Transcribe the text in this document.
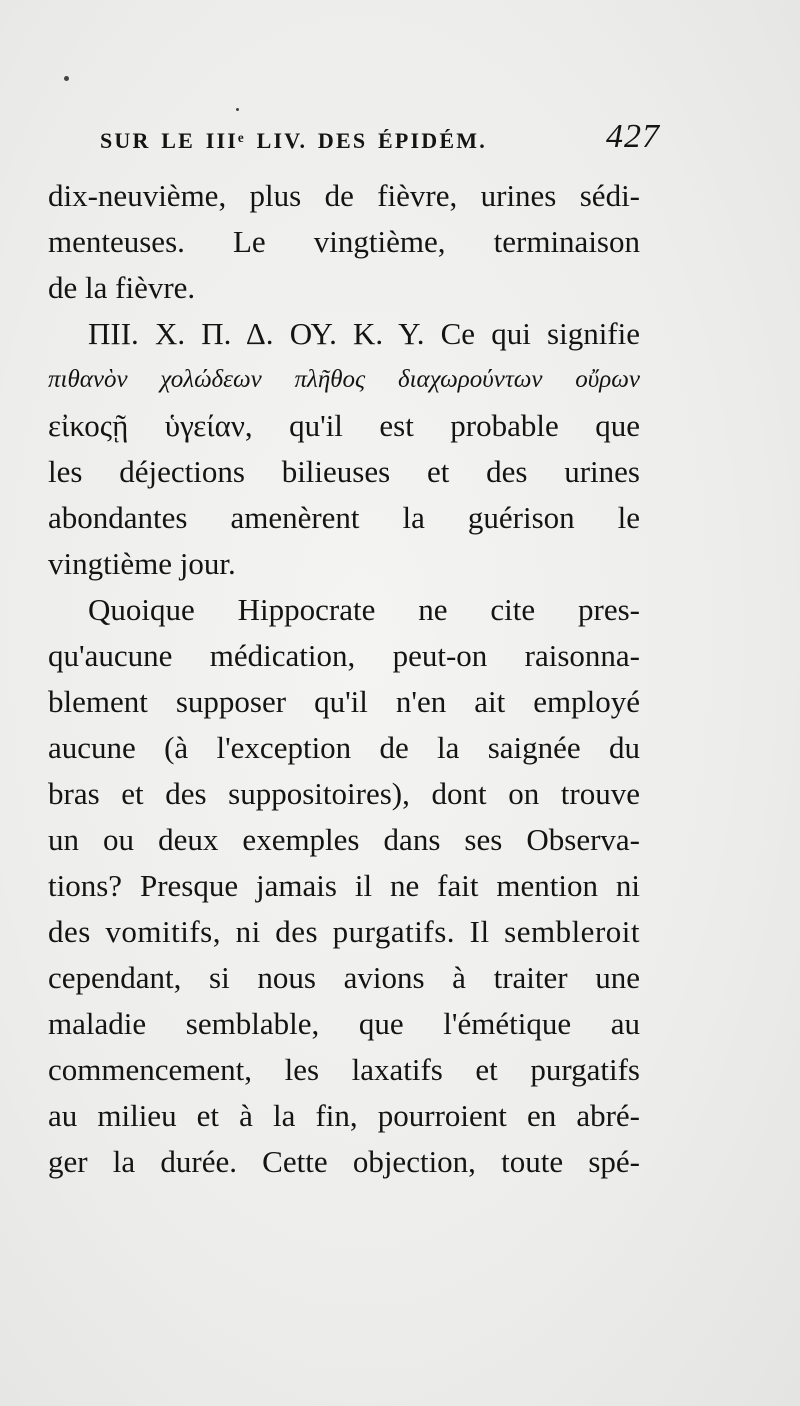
SUR LE IIIᵉ LIV. DES ÉPIDÉM.	427
dix-neuvième, plus de fièvre, urines sédi-
menteuses. Le vingtième, terminaison
de la fièvre.
ΠΙΙ. Χ. Π. Δ. ΟΥ. Κ. Υ. Ce qui signifie
πιθανὸν χολώδεων πλῆθος διαχωρούντων οὔρων
εἰκοςῇ ὑγείαν, qu'il est probable que
les déjections bilieuses et des urines
abondantes amenèrent la guérison le
vingtième jour.
Quoique Hippocrate ne cite pres-
qu'aucune médication, peut-on raisonna-
blement supposer qu'il n'en ait employé
aucune (à l'exception de la saignée du
bras et des suppositoires), dont on trouve
un ou deux exemples dans ses Observa-
tions? Presque jamais il ne fait mention ni
des vomitifs, ni des purgatifs. Il sembleroit
cependant, si nous avions à traiter une
maladie semblable, que l'émétique au
commencement, les laxatifs et purgatifs
au milieu et à la fin, pourroient en abré-
ger la durée. Cette objection, toute spé-
